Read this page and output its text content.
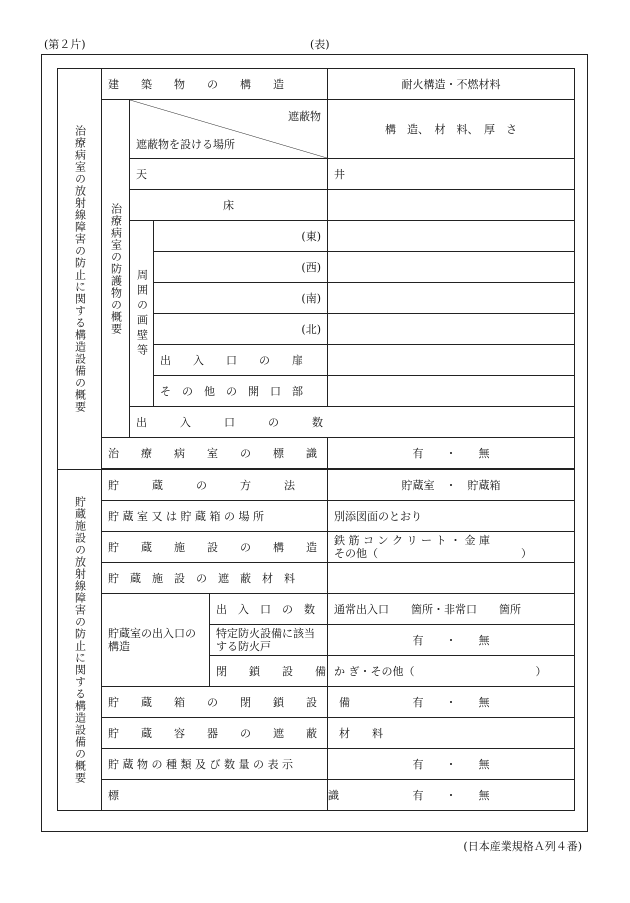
(第２片)	(表)
治療病室の放射線障害の防止に関する構造設備の概要	建　　築　　物　　の　　構　　造				耐火構造・不燃材料	
	治療病室の防護物の概要	遮蔽物
遮蔽物を設ける場所			構　造、　材　料、　厚　さ	
		天　　　　　　　　　　　　　　　　　井				
		床				
		周囲の画壁等	(東)			
			(西)			
			(南)			
			(北)			
			出　　入　　口　　の　　扉			
			そ　の　他　の　開　口　部			
		出　　　入　　　口　　　の　　　数	

	治　　療　　病　　室　　の　　標　　識				有　　・　　無	

貯蔵施設の放射線障害の防止に関する構造設備の概要	貯　　　蔵　　　の　　　方　　　法				貯蔵室　・　貯蔵箱	
	貯 蔵 室 又 は 貯 蔵 箱 の 場 所				別添図面のとおり	
	貯　　蔵　　施　　設　　の　　構　　造				鉄 筋 コ ン ク リ ー ト ・ 金 庫
その他（　　　　　　　　　　　　　）	

	貯　蔵　施　設　の　遮　蔽　材　料					
	貯蔵室の出入口の構造			出　入　口　の　数	通常出入口　　箇所・非常口　　箇所	
				特定防火設備に該当する防火戸	有　　・　　無	
				閉　　鎖　　設　　備	か ぎ・その他（　　　　　　　　　　　）	
	貯　　蔵　　箱　　の　　閉　　鎖　　設　　備				有　　・　　無	
	貯　　蔵　　容　　器　　の　　遮　　蔽　　材　　料					
	貯 蔵 物 の 種 類 及 び 数 量 の 表 示				有　　・　　無	
	標　　　　　　　　　　　　　　　　　　　識				有　　・　　無	
(日本産業規格Ａ列４番)
